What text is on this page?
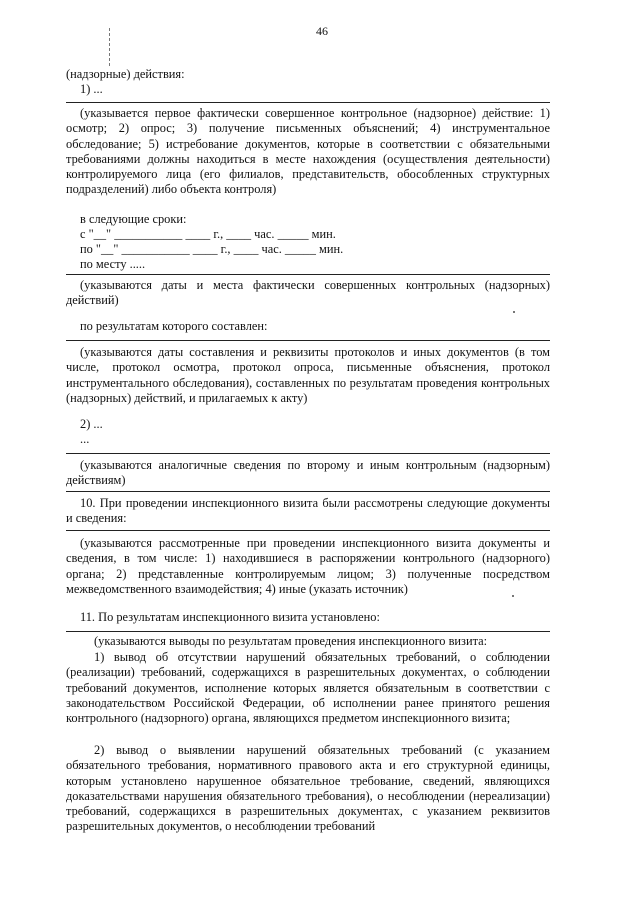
46
(надзорные) действия:
1) ...
(указывается первое фактически совершенное контрольное (надзорное) действие: 1) осмотр; 2) опрос; 3) получение письменных объяснений; 4) инструментальное обследование; 5) истребование документов, которые в соответствии с обязательными требованиями должны находиться в месте нахождения (осуществления деятельности) контролируемого лица (его филиалов, представительств, обособленных структурных подразделений) либо объекта контроля)
в следующие сроки:
с "__" ___________ ____ г., ____ час. _____ мин.
по "__" ___________ ____ г., ____ час. _____ мин.
по месту .....
(указываются даты и места фактически совершенных контрольных (надзорных) действий)
по результатам которого составлен:
(указываются даты составления и реквизиты протоколов и иных документов (в том числе, протокол осмотра, протокол опроса, письменные объяснения, протокол инструментального обследования), составленных по результатам проведения контрольных (надзорных) действий, и прилагаемых к акту)
2) ...
...
(указываются аналогичные сведения по второму и иным контрольным (надзорным) действиям)
10. При проведении инспекционного визита были рассмотрены следующие документы и сведения:
(указываются рассмотренные при проведении инспекционного визита документы и сведения, в том числе: 1) находившиеся в распоряжении контрольного (надзорного) органа; 2) представленные контролируемым лицом; 3) полученные посредством межведомственного взаимодействия; 4) иные (указать источник)
11. По результатам инспекционного визита установлено:
(указываются выводы по результатам проведения инспекционного визита:
1) вывод об отсутствии нарушений обязательных требований, о соблюдении (реализации) требований, содержащихся в разрешительных документах, о соблюдении требований документов, исполнение которых является обязательным в соответствии с законодательством Российской Федерации, об исполнении ранее принятого решения контрольного (надзорного) органа, являющихся предметом инспекционного визита;
2) вывод о выявлении нарушений обязательных требований (с указанием обязательного требования, нормативного правового акта и его структурной единицы, которым установлено нарушенное обязательное требование, сведений, являющихся доказательствами нарушения обязательного требования), о несоблюдении (нереализации) требований, содержащихся в разрешительных документах, с указанием реквизитов разрешительных документов, о несоблюдении требований
